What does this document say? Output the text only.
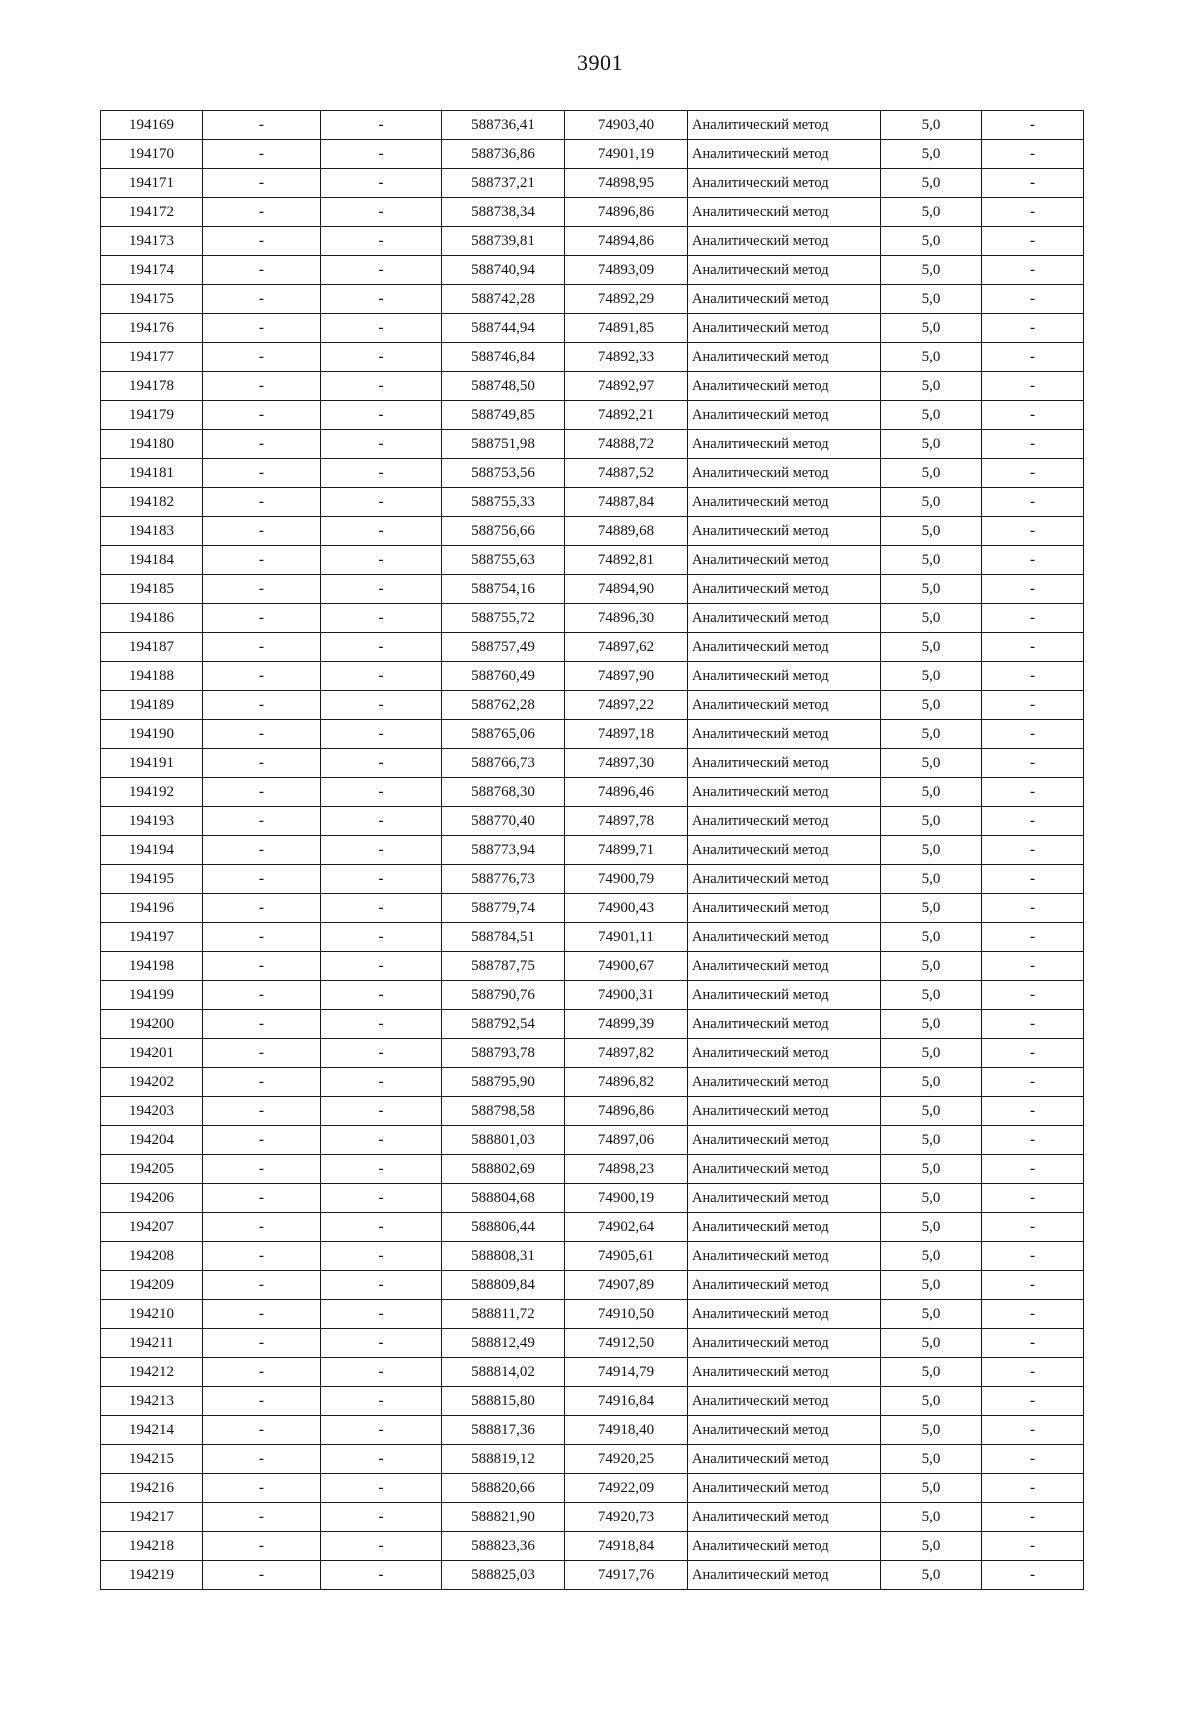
3901
194169	-	-	588736,41	74903,40	Аналитический метод	5,0	-
194170	-	-	588736,86	74901,19	Аналитический метод	5,0	-
194171	-	-	588737,21	74898,95	Аналитический метод	5,0	-
194172	-	-	588738,34	74896,86	Аналитический метод	5,0	-
194173	-	-	588739,81	74894,86	Аналитический метод	5,0	-
194174	-	-	588740,94	74893,09	Аналитический метод	5,0	-
194175	-	-	588742,28	74892,29	Аналитический метод	5,0	-
194176	-	-	588744,94	74891,85	Аналитический метод	5,0	-
194177	-	-	588746,84	74892,33	Аналитический метод	5,0	-
194178	-	-	588748,50	74892,97	Аналитический метод	5,0	-
194179	-	-	588749,85	74892,21	Аналитический метод	5,0	-
194180	-	-	588751,98	74888,72	Аналитический метод	5,0	-
194181	-	-	588753,56	74887,52	Аналитический метод	5,0	-
194182	-	-	588755,33	74887,84	Аналитический метод	5,0	-
194183	-	-	588756,66	74889,68	Аналитический метод	5,0	-
194184	-	-	588755,63	74892,81	Аналитический метод	5,0	-
194185	-	-	588754,16	74894,90	Аналитический метод	5,0	-
194186	-	-	588755,72	74896,30	Аналитический метод	5,0	-
194187	-	-	588757,49	74897,62	Аналитический метод	5,0	-
194188	-	-	588760,49	74897,90	Аналитический метод	5,0	-
194189	-	-	588762,28	74897,22	Аналитический метод	5,0	-
194190	-	-	588765,06	74897,18	Аналитический метод	5,0	-
194191	-	-	588766,73	74897,30	Аналитический метод	5,0	-
194192	-	-	588768,30	74896,46	Аналитический метод	5,0	-
194193	-	-	588770,40	74897,78	Аналитический метод	5,0	-
194194	-	-	588773,94	74899,71	Аналитический метод	5,0	-
194195	-	-	588776,73	74900,79	Аналитический метод	5,0	-
194196	-	-	588779,74	74900,43	Аналитический метод	5,0	-
194197	-	-	588784,51	74901,11	Аналитический метод	5,0	-
194198	-	-	588787,75	74900,67	Аналитический метод	5,0	-
194199	-	-	588790,76	74900,31	Аналитический метод	5,0	-
194200	-	-	588792,54	74899,39	Аналитический метод	5,0	-
194201	-	-	588793,78	74897,82	Аналитический метод	5,0	-
194202	-	-	588795,90	74896,82	Аналитический метод	5,0	-
194203	-	-	588798,58	74896,86	Аналитический метод	5,0	-
194204	-	-	588801,03	74897,06	Аналитический метод	5,0	-
194205	-	-	588802,69	74898,23	Аналитический метод	5,0	-
194206	-	-	588804,68	74900,19	Аналитический метод	5,0	-
194207	-	-	588806,44	74902,64	Аналитический метод	5,0	-
194208	-	-	588808,31	74905,61	Аналитический метод	5,0	-
194209	-	-	588809,84	74907,89	Аналитический метод	5,0	-
194210	-	-	588811,72	74910,50	Аналитический метод	5,0	-
194211	-	-	588812,49	74912,50	Аналитический метод	5,0	-
194212	-	-	588814,02	74914,79	Аналитический метод	5,0	-
194213	-	-	588815,80	74916,84	Аналитический метод	5,0	-
194214	-	-	588817,36	74918,40	Аналитический метод	5,0	-
194215	-	-	588819,12	74920,25	Аналитический метод	5,0	-
194216	-	-	588820,66	74922,09	Аналитический метод	5,0	-
194217	-	-	588821,90	74920,73	Аналитический метод	5,0	-
194218	-	-	588823,36	74918,84	Аналитический метод	5,0	-
194219	-	-	588825,03	74917,76	Аналитический метод	5,0	-
